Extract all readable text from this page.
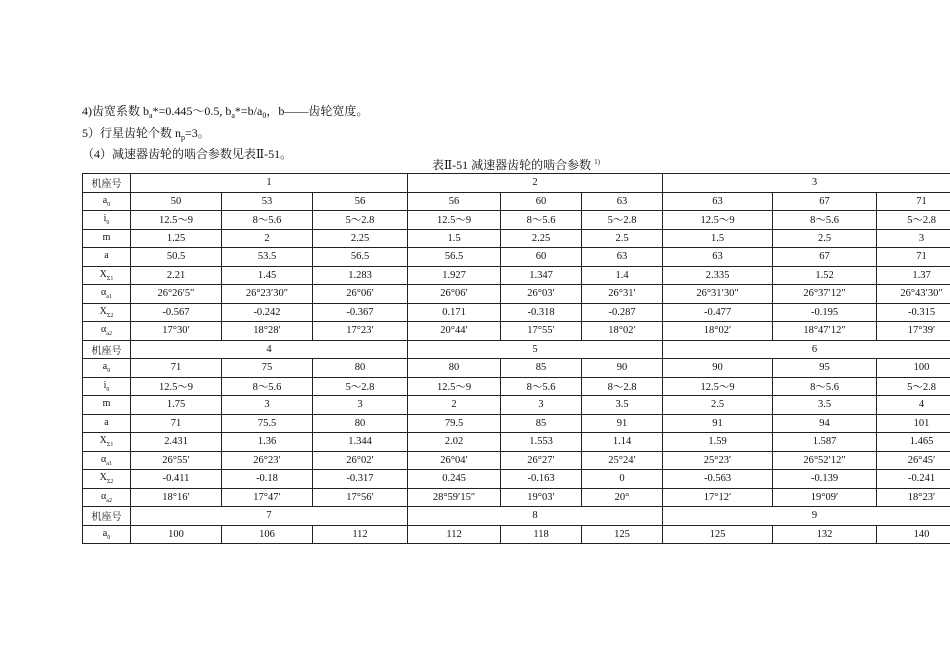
4)齿宽系数 $b_a*=0.445\sim 0.5$, $b_a*=b/a_0$，b——齿轮宽度。

5）行星齿轮个数 $n_p=3$。

（4）减速器齿轮的啮合参数见表Ⅱ-51。

表Ⅱ-51 减速器齿轮的啮合参数 $^{1)}$
机座号	1			2			3			
$a_0$	50	53	56	56	60	63	63	67	71	
$i_0$	12.5～9	8～5.6	5～2.8	12.5～9	8～5.6	5～2.8	12.5～9	8～5.6	5～2.8	
m	1.25	2	2.25	1.5	2.25	2.5	1.5	2.5	3	
a	50.5	53.5	56.5	56.5	60	63	63	67	71	
$X_{\Sigma 1}$	2.21	1.45	1.283	1.927	1.347	1.4	2.335	1.52	1.37	
$\alpha_{a1}$	26°26′5″	26°23′30″	26°06′	26°06′	26°03′	26°31′	26°31′30″	26°37′12″	26°43′30″	
$X_{\Sigma 2}$	-0.567	-0.242	-0.367	0.171	-0.318	-0.287	-0.477	-0.195	-0.315	
$\alpha_{a2}$	17°30′	18°28′	17°23′	20°44′	17°55′	18°02′	18°02′	18°47′12″	17°39′	
机座号	4			5			6			
$a_0$	71	75	80	80	85	90	90	95	100	
$i_0$	12.5～9	8～5.6	5～2.8	12.5～9	8～5.6	8～2.8	12.5～9	8～5.6	5～2.8	
m	1.75	3	3	2	3	3.5	2.5	3.5	4	
a	71	75.5	80	79.5	85	91	91	94	101	
$X_{\Sigma 1}$	2.431	1.36	1.344	2.02	1.553	1.14	1.59	1.587	1.465	
$\alpha_{a1}$	26°55′	26°23′	26°02′	26°04′	26°27′	25°24′	25°23′	26°52′12″	26°45′	
$X_{\Sigma 2}$	-0.411	-0.18	-0.317	0.245	-0.163	0	-0.563	-0.139	-0.241	
$\alpha_{a2}$	18°16′	17°47′	17°56′	28°59′15″	19°03′	20°	17°12′	19°09′	18°23′	
机座号	7			8			9			
$a_0$	100	106	112	112	118	125	125	132	140	
